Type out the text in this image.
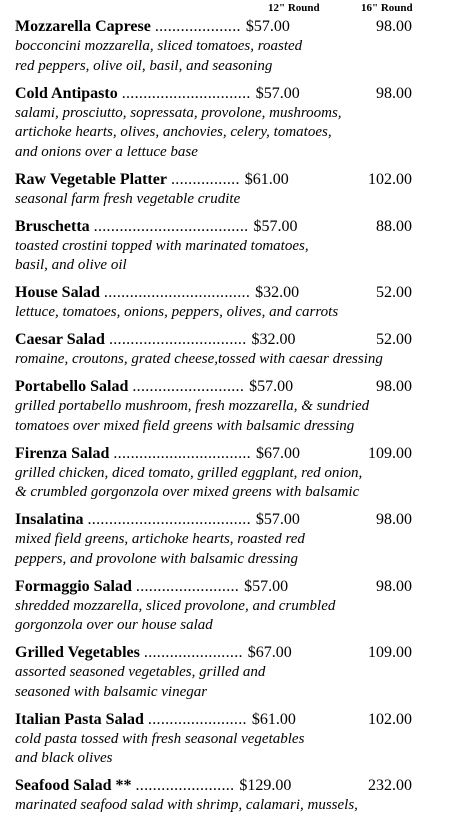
12" Round	16" Round
Mozzarella Caprese .................... $57.00	98.00
bocconcini mozzarella, sliced tomatoes, roasted
red peppers, olive oil, basil, and seasoning
Cold Antipasto .............................. $57.00	98.00
salami, prosciutto, sopressata, provolone, mushrooms,
artichoke hearts, olives, anchovies, celery, tomatoes,
and onions over a lettuce base
Raw Vegetable Platter ................ $61.00	102.00
seasonal farm fresh vegetable crudite
Bruschetta .................................... $57.00	88.00
toasted crostini topped with marinated tomatoes,
basil, and olive oil
House Salad .................................. $32.00	52.00
lettuce, tomatoes, onions, peppers, olives, and carrots
Caesar Salad ................................ $32.00	52.00
romaine, croutons, grated cheese,tossed with caesar dressing
Portabello Salad .......................... $57.00	98.00
grilled portabello mushroom, fresh mozzarella, & sundried
tomatoes over mixed field greens with balsamic dressing
Firenza Salad ................................ $67.00	109.00
grilled chicken, diced tomato, grilled eggplant, red onion,
& crumbled gorgonzola over mixed greens with balsamic
Insalatina ...................................... $57.00	98.00
mixed field greens, artichoke hearts, roasted red
peppers, and provolone with balsamic dressing
Formaggio Salad ........................ $57.00	98.00
shredded mozzarella, sliced provolone, and crumbled
gorgonzola over our house salad
Grilled Vegetables ....................... $67.00	109.00
assorted seasoned vegetables, grilled and
seasoned with balsamic vinegar
Italian Pasta Salad ....................... $61.00	102.00
cold pasta tossed with fresh seasonal vegetables
and black olives
Seafood Salad ** ....................... $129.00	232.00
marinated seafood salad with shrimp, calamari, mussels,
